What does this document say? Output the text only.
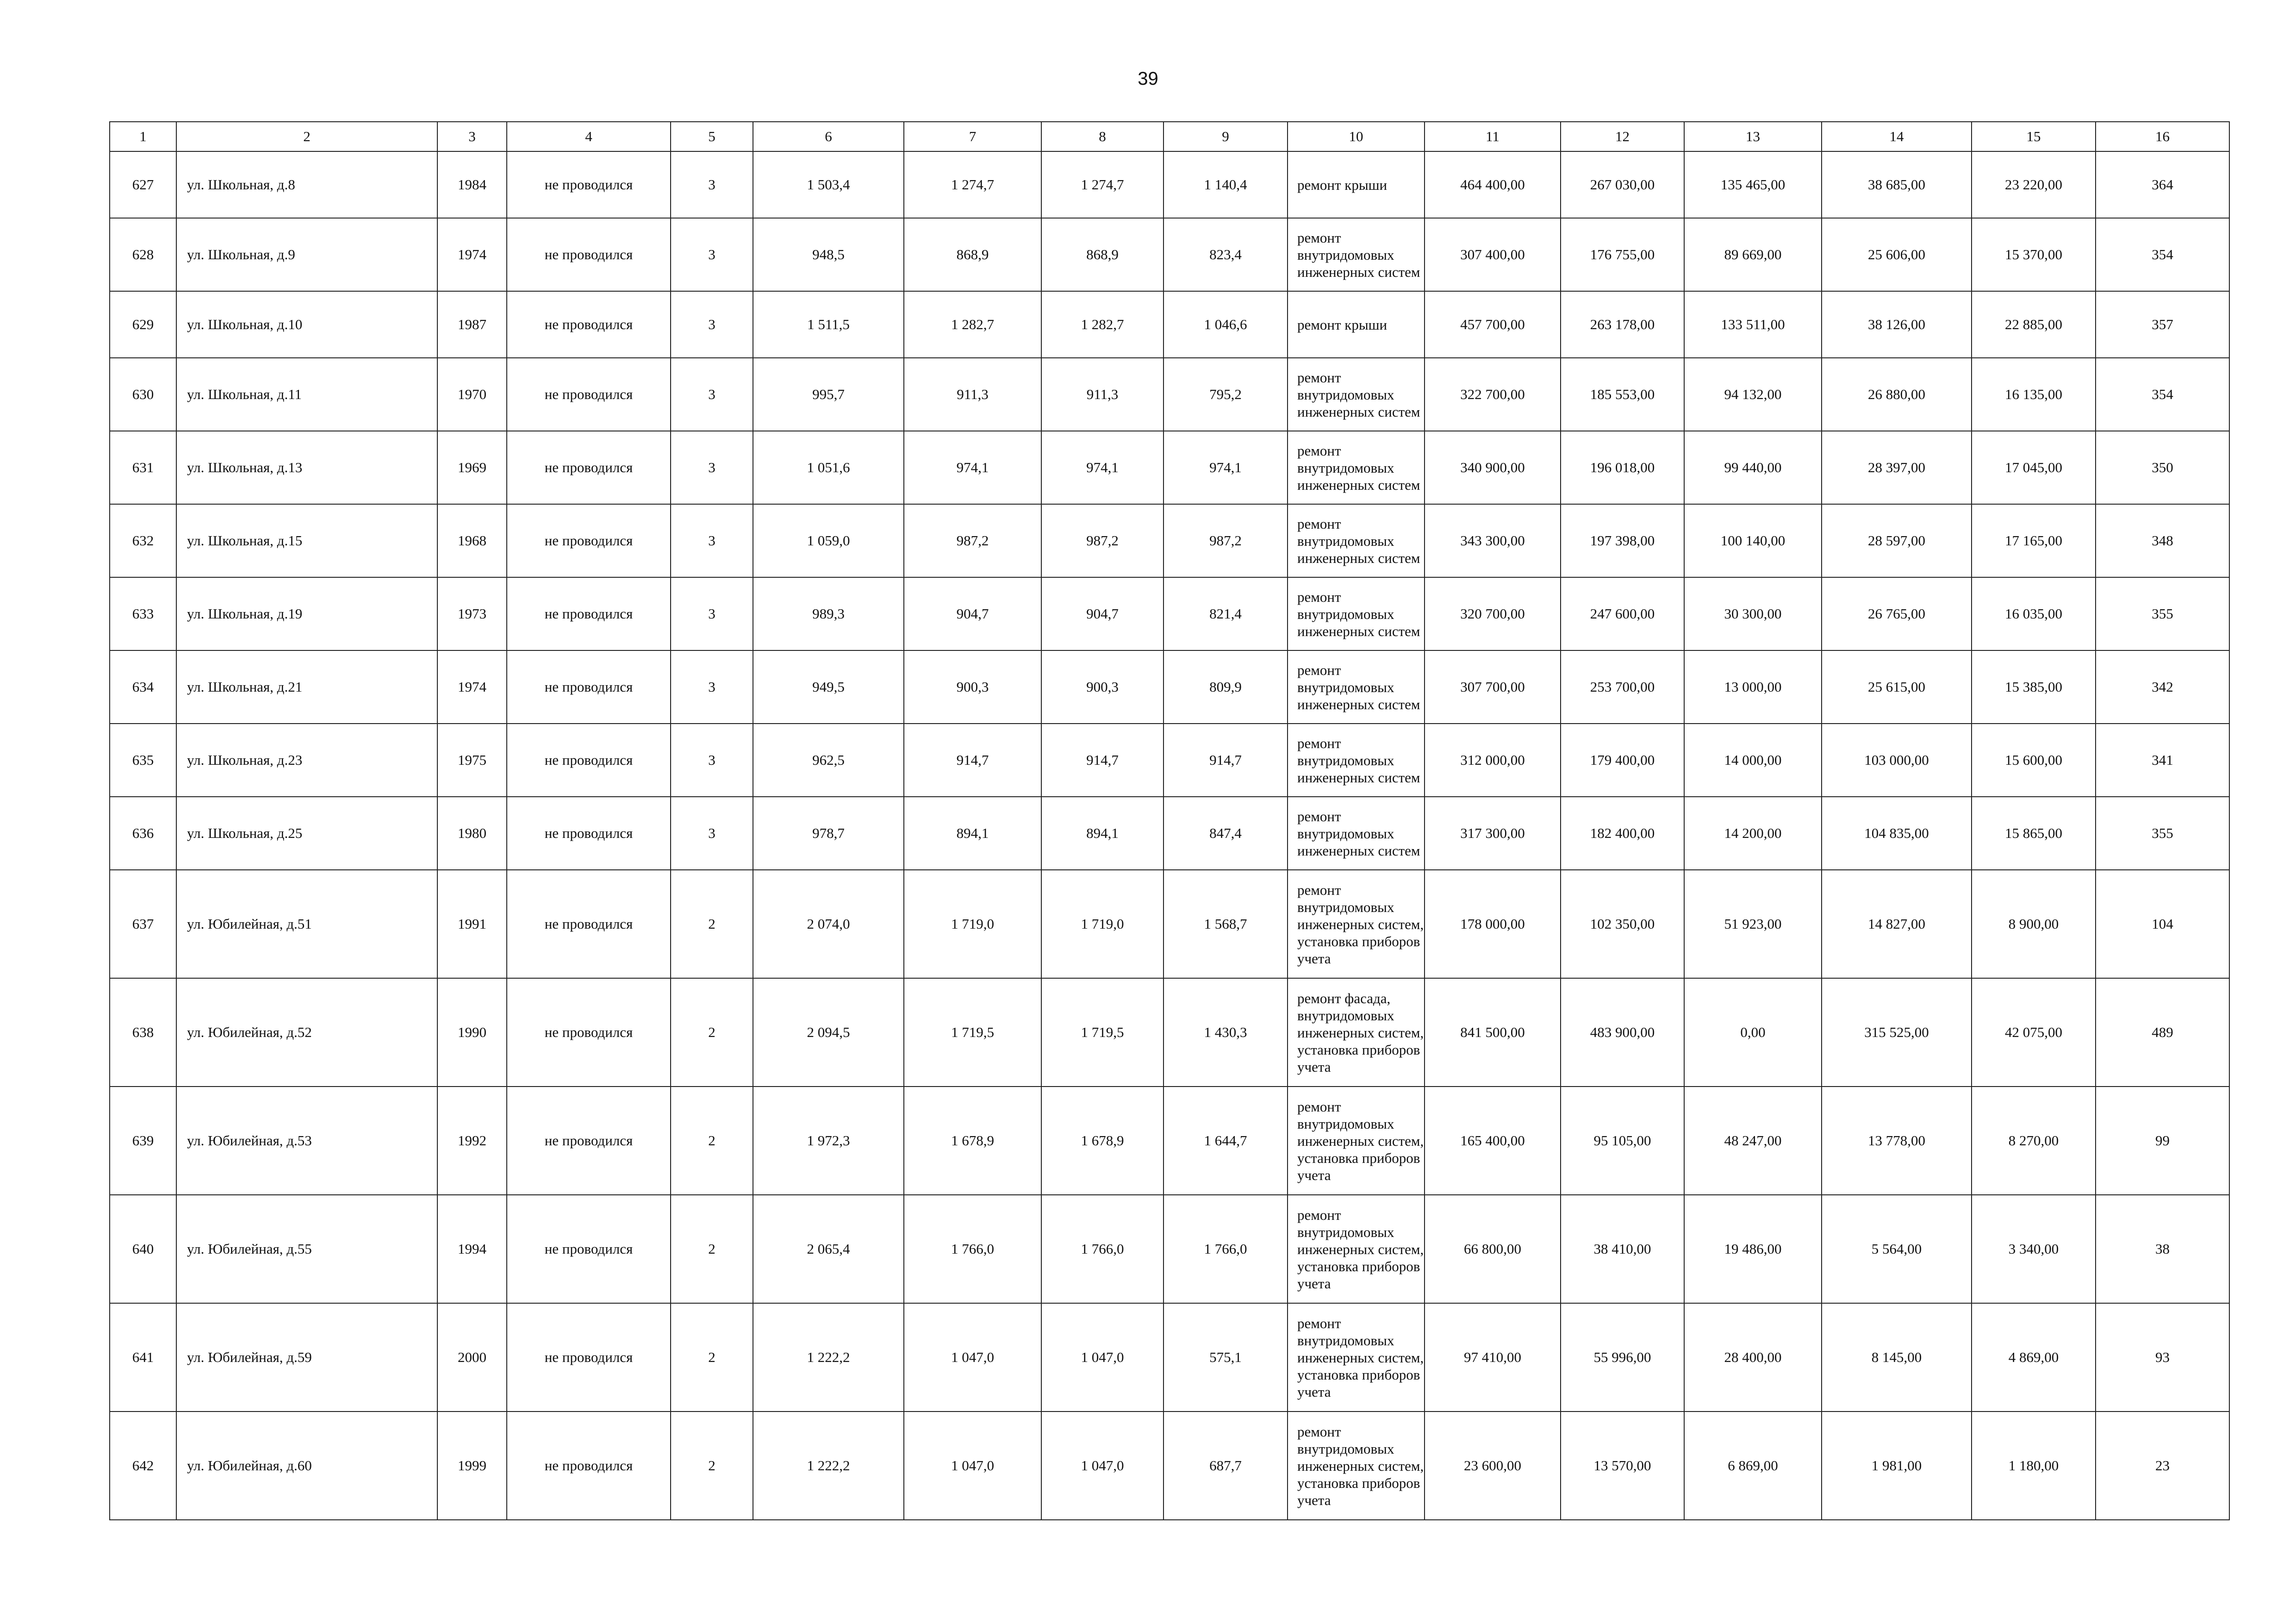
39
1	2	3	4	5	6	7	8	9	10	11	12	13	14	15	16
627	ул. Школьная, д.8	1984	не проводился	3	1 503,4	1 274,7	1 274,7	1 140,4	ремонт крыши	464 400,00	267 030,00	135 465,00	38 685,00	23 220,00	364
628	ул. Школьная, д.9	1974	не проводился	3	948,5	868,9	868,9	823,4	ремонт внутридомовых инженерных систем	307 400,00	176 755,00	89 669,00	25 606,00	15 370,00	354
629	ул. Школьная, д.10	1987	не проводился	3	1 511,5	1 282,7	1 282,7	1 046,6	ремонт крыши	457 700,00	263 178,00	133 511,00	38 126,00	22 885,00	357
630	ул. Школьная, д.11	1970	не проводился	3	995,7	911,3	911,3	795,2	ремонт внутридомовых инженерных систем	322 700,00	185 553,00	94 132,00	26 880,00	16 135,00	354
631	ул. Школьная, д.13	1969	не проводился	3	1 051,6	974,1	974,1	974,1	ремонт внутридомовых инженерных систем	340 900,00	196 018,00	99 440,00	28 397,00	17 045,00	350
632	ул. Школьная, д.15	1968	не проводился	3	1 059,0	987,2	987,2	987,2	ремонт внутридомовых инженерных систем	343 300,00	197 398,00	100 140,00	28 597,00	17 165,00	348
633	ул. Школьная, д.19	1973	не проводился	3	989,3	904,7	904,7	821,4	ремонт внутридомовых инженерных систем	320 700,00	247 600,00	30 300,00	26 765,00	16 035,00	355
634	ул. Школьная, д.21	1974	не проводился	3	949,5	900,3	900,3	809,9	ремонт внутридомовых инженерных систем	307 700,00	253 700,00	13 000,00	25 615,00	15 385,00	342
635	ул. Школьная, д.23	1975	не проводился	3	962,5	914,7	914,7	914,7	ремонт внутридомовых инженерных систем	312 000,00	179 400,00	14 000,00	103 000,00	15 600,00	341
636	ул. Школьная, д.25	1980	не проводился	3	978,7	894,1	894,1	847,4	ремонт внутридомовых инженерных систем	317 300,00	182 400,00	14 200,00	104 835,00	15 865,00	355
637	ул. Юбилейная, д.51	1991	не проводился	2	2 074,0	1 719,0	1 719,0	1 568,7	ремонт внутридомовых инженерных систем, установка приборов учета	178 000,00	102 350,00	51 923,00	14 827,00	8 900,00	104
638	ул. Юбилейная, д.52	1990	не проводился	2	2 094,5	1 719,5	1 719,5	1 430,3	ремонт фасада, внутридомовых инженерных систем, установка приборов учета	841 500,00	483 900,00	0,00	315 525,00	42 075,00	489
639	ул. Юбилейная, д.53	1992	не проводился	2	1 972,3	1 678,9	1 678,9	1 644,7	ремонт внутридомовых инженерных систем, установка приборов учета	165 400,00	95 105,00	48 247,00	13 778,00	8 270,00	99
640	ул. Юбилейная, д.55	1994	не проводился	2	2 065,4	1 766,0	1 766,0	1 766,0	ремонт внутридомовых инженерных систем, установка приборов учета	66 800,00	38 410,00	19 486,00	5 564,00	3 340,00	38
641	ул. Юбилейная, д.59	2000	не проводился	2	1 222,2	1 047,0	1 047,0	575,1	ремонт внутридомовых инженерных систем, установка приборов учета	97 410,00	55 996,00	28 400,00	8 145,00	4 869,00	93
642	ул. Юбилейная, д.60	1999	не проводился	2	1 222,2	1 047,0	1 047,0	687,7	ремонт внутридомовых инженерных систем, установка приборов учета	23 600,00	13 570,00	6 869,00	1 981,00	1 180,00	23
